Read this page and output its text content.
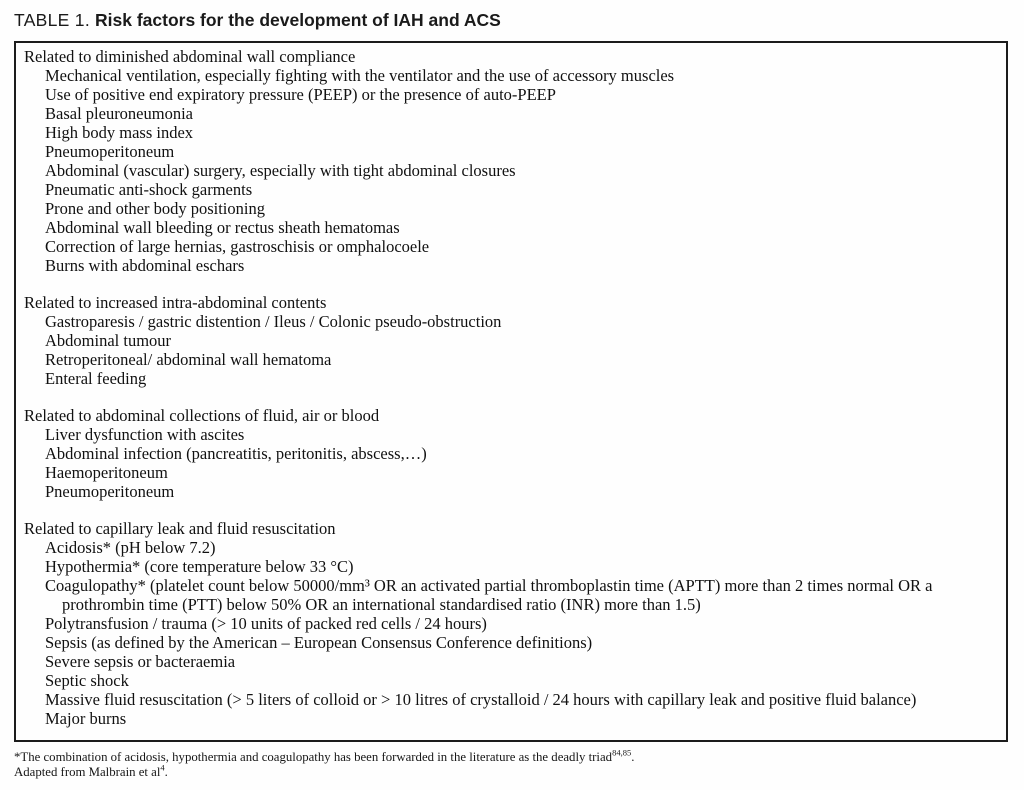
TABLE 1. Risk factors for the development of IAH and ACS
Related to diminished abdominal wall compliance
Mechanical ventilation, especially fighting with the ventilator and the use of accessory muscles
Use of positive end expiratory pressure (PEEP) or the presence of auto-PEEP
Basal pleuroneumonia
High body mass index
Pneumoperitoneum
Abdominal (vascular) surgery, especially with tight abdominal closures
Pneumatic anti-shock garments
Prone and other body positioning
Abdominal wall bleeding or rectus sheath hematomas
Correction of large hernias, gastroschisis or omphalocoele
Burns with abdominal eschars
Related to increased intra-abdominal contents
Gastroparesis / gastric distention / Ileus / Colonic pseudo-obstruction
Abdominal tumour
Retroperitoneal/ abdominal wall hematoma
Enteral feeding
Related to abdominal collections of fluid, air or blood
Liver dysfunction with ascites
Abdominal infection (pancreatitis, peritonitis, abscess,…)
Haemoperitoneum
Pneumoperitoneum
Related to capillary leak and fluid resuscitation
Acidosis* (pH below 7.2)
Hypothermia* (core temperature below 33 °C)
Coagulopathy* (platelet count below 50000/mm³ OR an activated partial thromboplastin time (APTT) more than 2 times normal OR a prothrombin time (PTT) below 50% OR an international standardised ratio (INR) more than 1.5)
Polytransfusion / trauma (> 10 units of packed red cells / 24 hours)
Sepsis (as defined by the American – European Consensus Conference definitions)
Severe sepsis or bacteraemia
Septic shock
Massive fluid resuscitation (> 5 liters of colloid or > 10 litres of crystalloid / 24 hours with capillary leak and positive fluid balance)
Major burns
*The combination of acidosis, hypothermia and coagulopathy has been forwarded in the literature as the deadly triad$^{84,85}$.
Adapted from Malbrain et $al^4$.
